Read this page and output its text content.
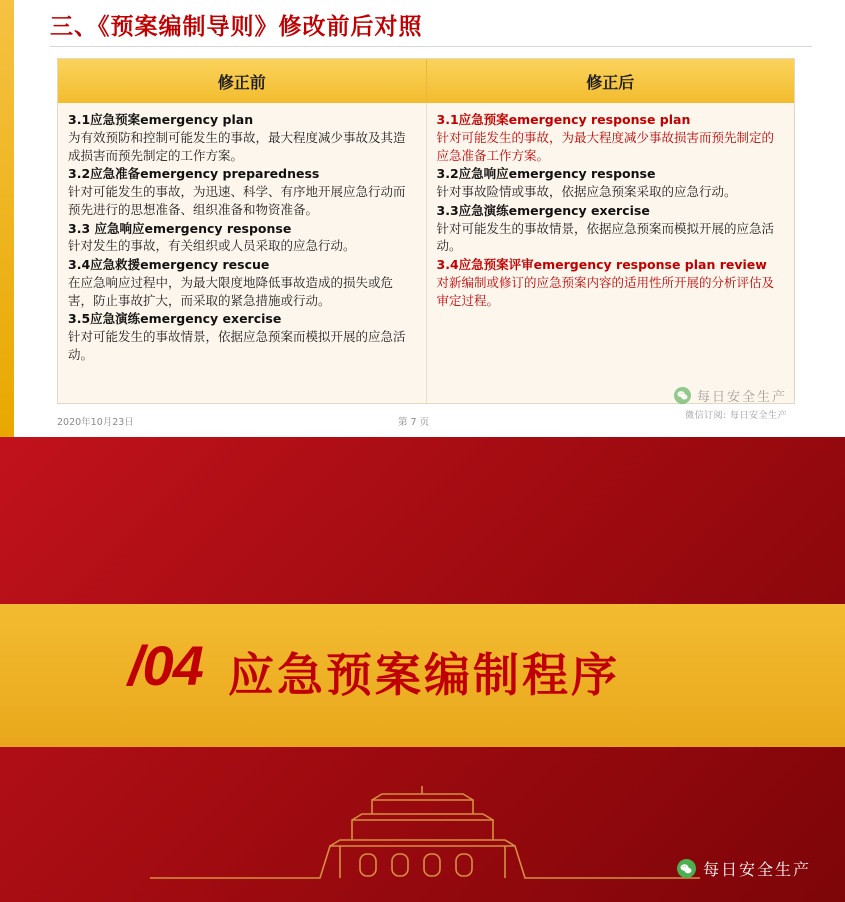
三、《预案编制导则》修改前后对照
修正前	修正后
3.1应急预案emergency plan
为有效预防和控制可能发生的事故，最大程度减少事故及其造成损害而预先制定的工作方案。
3.2应急准备emergency preparedness
针对可能发生的事故，为迅速、科学、有序地开展应急行动而预先进行的思想准备、组织准备和物资准备。
3.3 应急响应emergency response
针对发生的事故，有关组织或人员采取的应急行动。
3.4应急救援emergency rescue
在应急响应过程中，为最大限度地降低事故造成的损失或危害，防止事故扩大，而采取的紧急措施或行动。
3.5应急演练emergency exercise
针对可能发生的事故情景，依据应急预案而模拟开展的应急活动。
3.1应急预案emergency response plan
针对可能发生的事故，为最大程度减少事故损害而预先制定的应急准备工作方案。
3.2应急响应emergency response
针对事故险情或事故，依据应急预案采取的应急行动。
3.3应急演练emergency exercise
针对可能发生的事故情景，依据应急预案而模拟开展的应急活动。
3.4应急预案评审emergency response plan review
对新编制或修订的应急预案内容的适用性所开展的分析评估及审定过程。
2020年10月23日	第 7 页
每日安全生产
微信订阅: 每日安全生产
/04 应急预案编制程序
每日安全生产
